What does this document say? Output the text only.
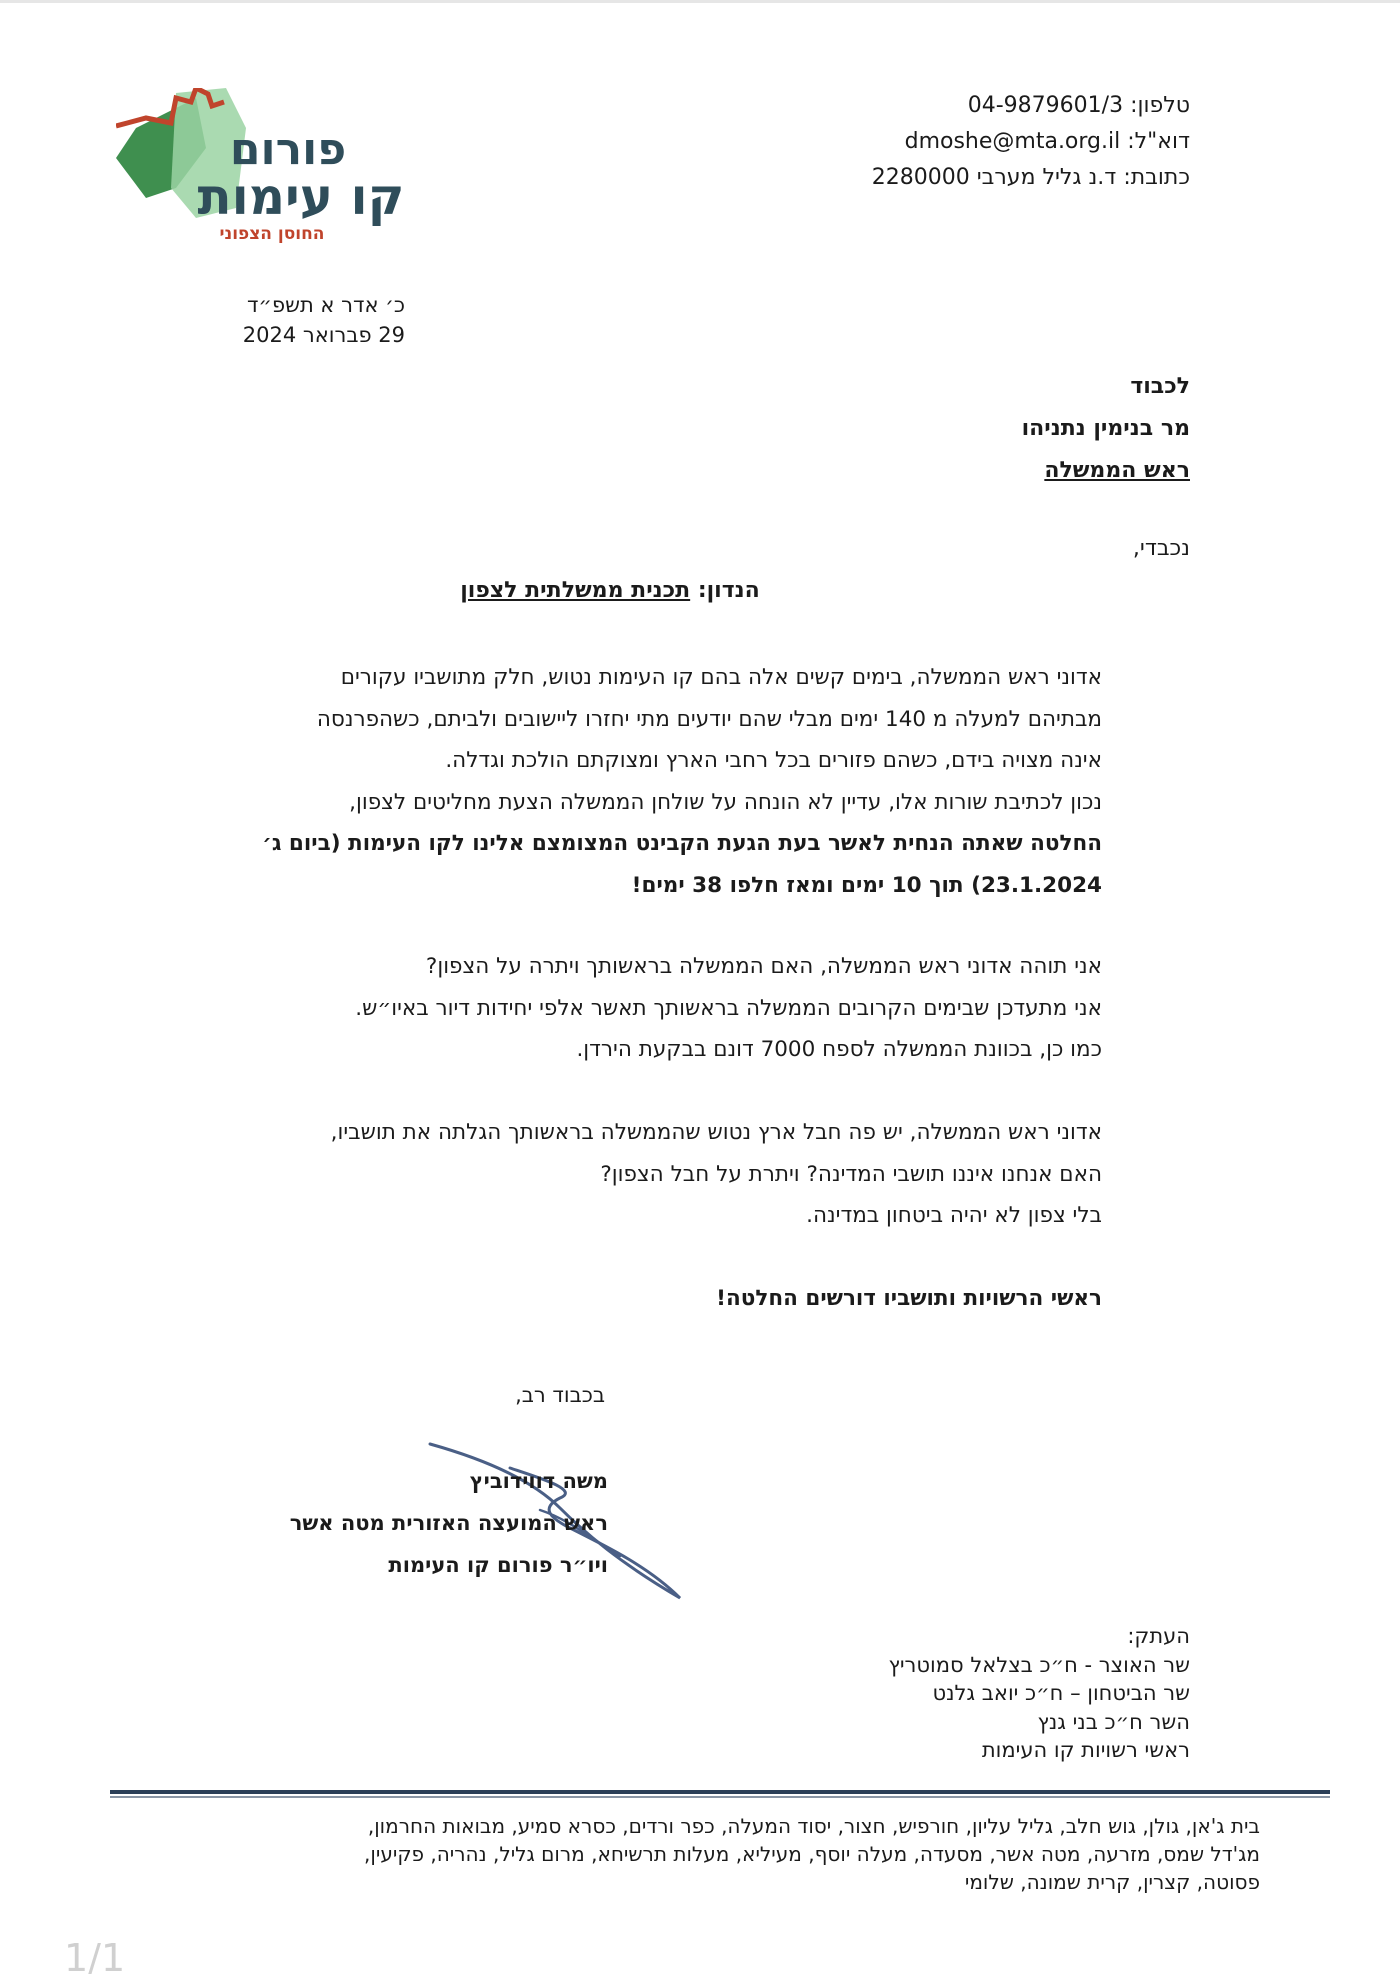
טלפון: 04-9879601/3
דוא"ל: dmoshe@mta.org.il
כתובת: ד.נ גליל מערבי 2280000
פורום
קו עימות
החוסן הצפוני
כ׳ אדר א תשפ״ד
29 פברואר 2024
לכבוד
מר בנימין נתניהו
ראש הממשלה
נכבדי,
הנדון: תכנית ממשלתית לצפון
אדוני ראש הממשלה, בימים קשים אלה בהם קו העימות נטוש, חלק מתושביו עקורים
מבתיהם למעלה מ 140 ימים מבלי שהם יודעים מתי יחזרו ליישובים ולביתם, כשהפרנסה
אינה מצויה בידם, כשהם פזורים בכל רחבי הארץ ומצוקתם הולכת וגדלה.
נכון לכתיבת שורות אלו, עדיין לא הונחה על שולחן הממשלה הצעת מחליטים לצפון,
החלטה שאתה הנחית לאשר בעת הגעת הקבינט המצומצם אלינו לקו העימות (ביום ג׳
23.1.2024) תוך 10 ימים ומאז חלפו 38 ימים!
אני תוהה אדוני ראש הממשלה, האם הממשלה בראשותך ויתרה על הצפון?
אני מתעדכן שבימים הקרובים הממשלה בראשותך תאשר אלפי יחידות דיור באיו״ש.
כמו כן, בכוונת הממשלה לספח 7000 דונם בבקעת הירדן.
אדוני ראש הממשלה, יש פה חבל ארץ נטוש שהממשלה בראשותך הגלתה את תושביו,
האם אנחנו איננו תושבי המדינה? ויתרת על חבל הצפון?
בלי צפון לא יהיה ביטחון במדינה.
ראשי הרשויות ותושביו דורשים החלטה!
בכבוד רב,
משה דווידוביץ
ראש המועצה האזורית מטה אשר
ויו״ר פורום קו העימות
העתק:
שר האוצר - ח״כ בצלאל סמוטריץ
שר הביטחון – ח״כ יואב גלנט
השר ח״כ בני גנץ
ראשי רשויות קו העימות
בית ג'אן, גולן, גוש חלב, גליל עליון, חורפיש, חצור, יסוד המעלה, כפר ורדים, כסרא סמיע, מבואות החרמון,
מג'דל שמס, מזרעה, מטה אשר, מסעדה, מעלה יוסף, מעיליא, מעלות תרשיחא, מרום גליל, נהריה, פקיעין,
פסוטה, קצרין, קרית שמונה, שלומי
1/1
